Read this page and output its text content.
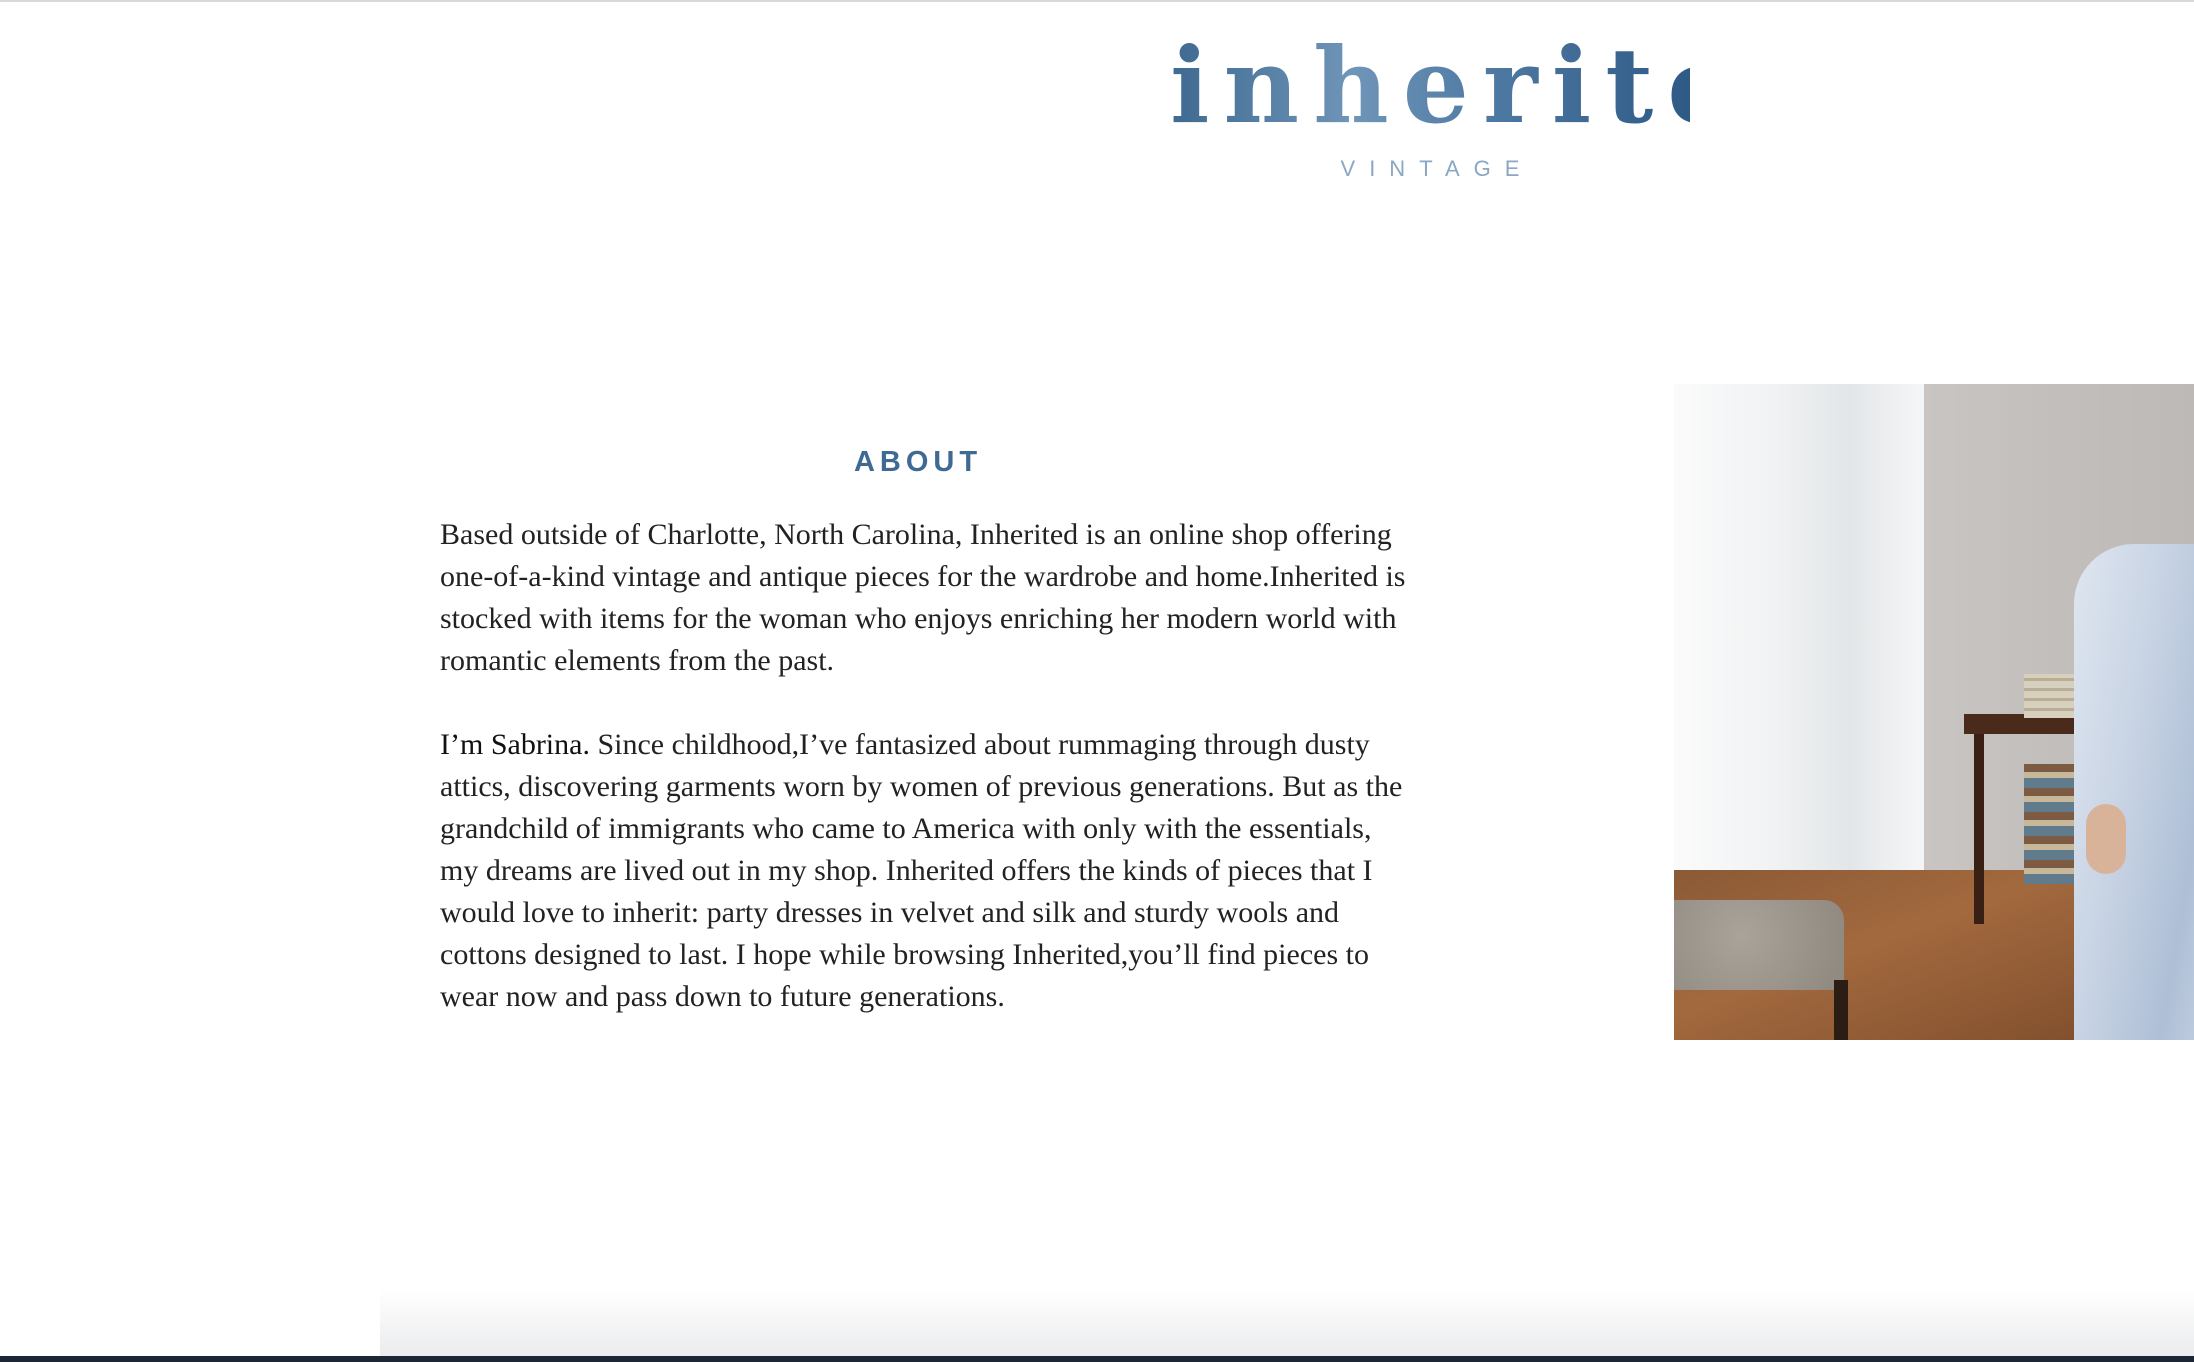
inherited
VINTAGE
ABOUT

Based outside of Charlotte, North Carolina, Inherited is an online shop offering one-of-a-kind vintage and antique pieces for the wardrobe and home.Inherited is stocked with items for the woman who enjoys enriching her modern world with romantic elements from the past.

I’m Sabrina. Since childhood,I’ve fantasized about rummaging through dusty attics, discovering garments worn by women of previous generations. But as the grandchild of immigrants who came to America with only with the essentials, my dreams are lived out in my shop. Inherited offers the kinds of pieces that I would love to inherit: party dresses in velvet and silk and sturdy wools and cottons designed to last. I hope while browsing Inherited,you’ll find pieces to wear now and pass down to future generations.
